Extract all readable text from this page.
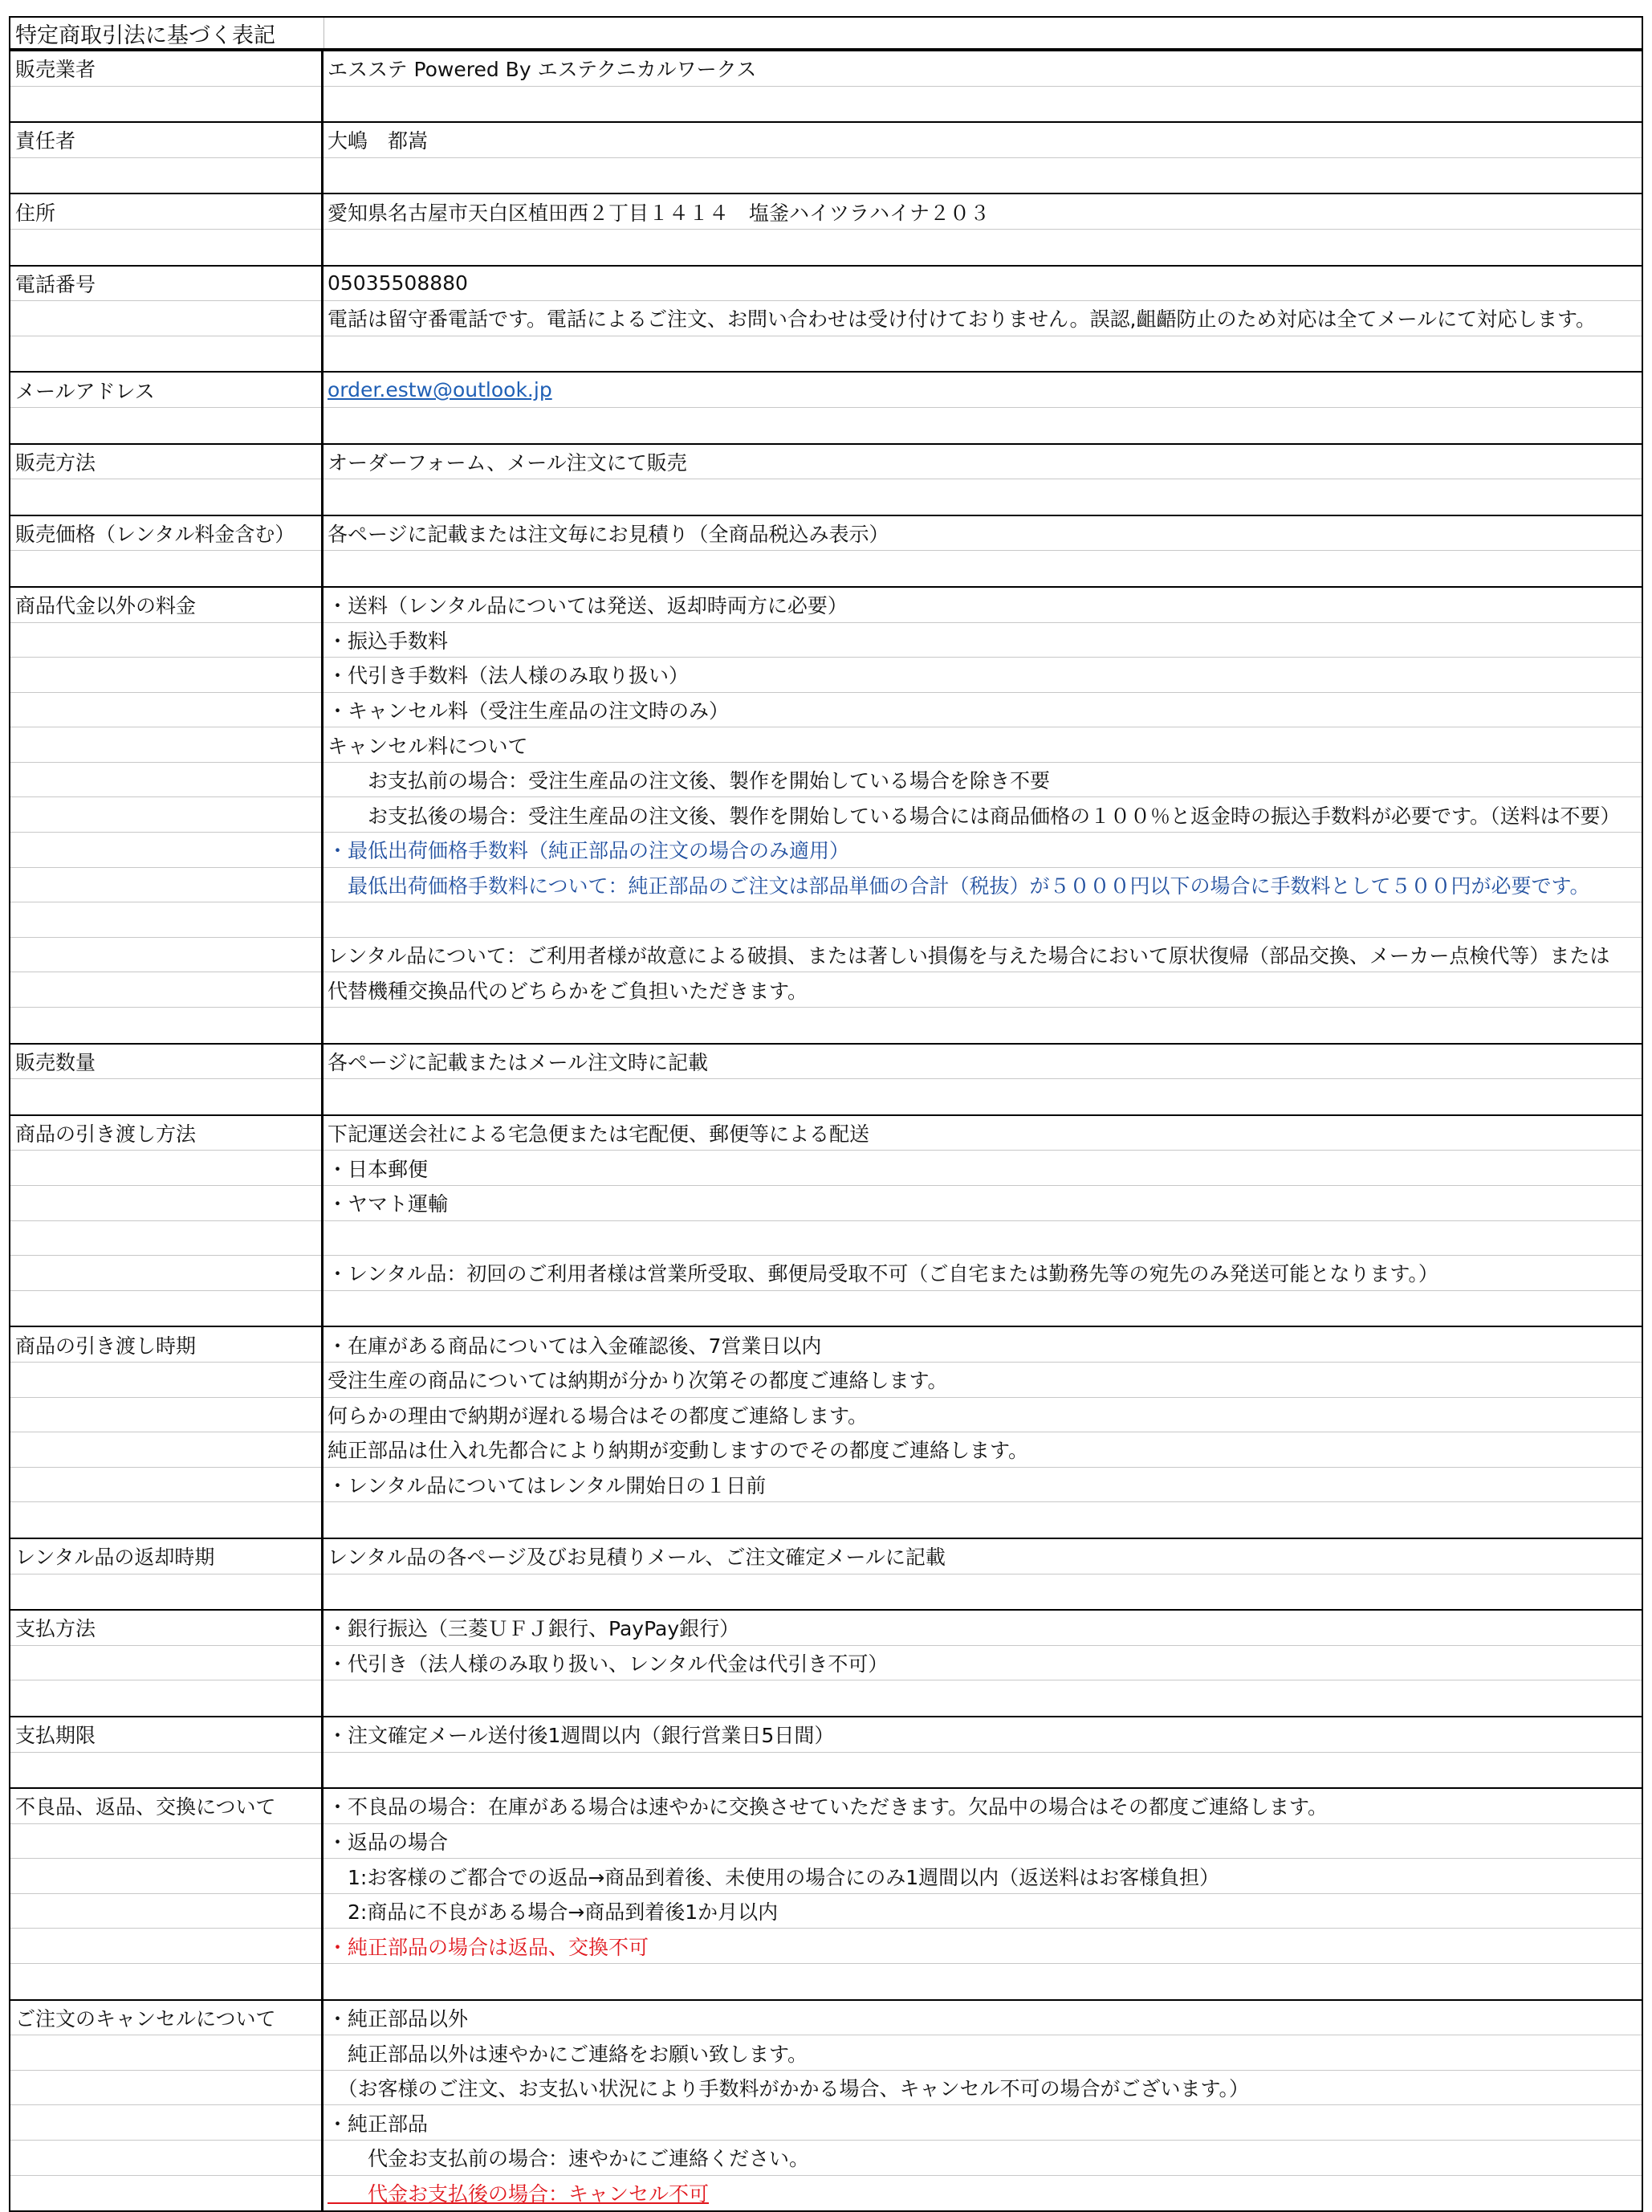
特定商取引法に基づく表記
販売業者	エスステ Powered By エステクニカルワークス
責任者	大嶋　都嵩
住所	愛知県名古屋市天白区植田西２丁目１４１４　塩釜ハイツラハイナ２０３
電話番号	05035508880
電話は留守番電話です。電話によるご注文、お問い合わせは受け付けておりません。誤認,齟齬防止のため対応は全てメールにて対応します。
メールアドレス	order.estw@outlook.jp
販売方法	オーダーフォーム、メール注文にて販売
販売価格（レンタル料金含む） 各ページに記載または注文毎にお見積り（全商品税込み表示）
商品代金以外の料金	・送料（レンタル品については発送、返却時両方に必要）
・振込手数料
・代引き手数料（法人様のみ取り扱い）
・キャンセル料（受注生産品の注文時のみ）
キャンセル料について
　　お支払前の場合：受注生産品の注文後、製作を開始している場合を除き不要
　　お支払後の場合：受注生産品の注文後、製作を開始している場合には商品価格の１００％と返金時の振込手数料が必要です。（送料は不要）
・最低出荷価格手数料（純正部品の注文の場合のみ適用）
　最低出荷価格手数料について：純正部品のご注文は部品単価の合計（税抜）が５０００円以下の場合に手数料として５００円が必要です。
レンタル品について：ご利用者様が故意による破損、または著しい損傷を与えた場合において原状復帰（部品交換、メーカー点検代等）または
代替機種交換品代のどちらかをご負担いただきます。
販売数量	各ページに記載またはメール注文時に記載
商品の引き渡し方法	下記運送会社による宅急便または宅配便、郵便等による配送
・日本郵便
・ヤマト運輸
・レンタル品：初回のご利用者様は営業所受取、郵便局受取不可（ご自宅または勤務先等の宛先のみ発送可能となります。）
商品の引き渡し時期	・在庫がある商品については入金確認後、7営業日以内
受注生産の商品については納期が分かり次第その都度ご連絡します。
何らかの理由で納期が遅れる場合はその都度ご連絡します。
純正部品は仕入れ先都合により納期が変動しますのでその都度ご連絡します。
・レンタル品についてはレンタル開始日の１日前
レンタル品の返却時期	レンタル品の各ページ及びお見積りメール、ご注文確定メールに記載
支払方法	・銀行振込（三菱ＵＦＪ銀行、PayPay銀行）
・代引き（法人様のみ取り扱い、レンタル代金は代引き不可）
支払期限	・注文確定メール送付後1週間以内（銀行営業日5日間）
不良品、返品、交換について	・不良品の場合：在庫がある場合は速やかに交換させていただきます。欠品中の場合はその都度ご連絡します。
・返品の場合
　1:お客様のご都合での返品→商品到着後、未使用の場合にのみ1週間以内（返送料はお客様負担）
　2:商品に不良がある場合→商品到着後1か月以内
・純正部品の場合は返品、交換不可
ご注文のキャンセルについて	・純正部品以外
　純正部品以外は速やかにご連絡をお願い致します。
　（お客様のご注文、お支払い状況により手数料がかかる場合、キャンセル不可の場合がございます。）
・純正部品
　　代金お支払前の場合：速やかにご連絡ください。
　　代金お支払後の場合：キャンセル不可
